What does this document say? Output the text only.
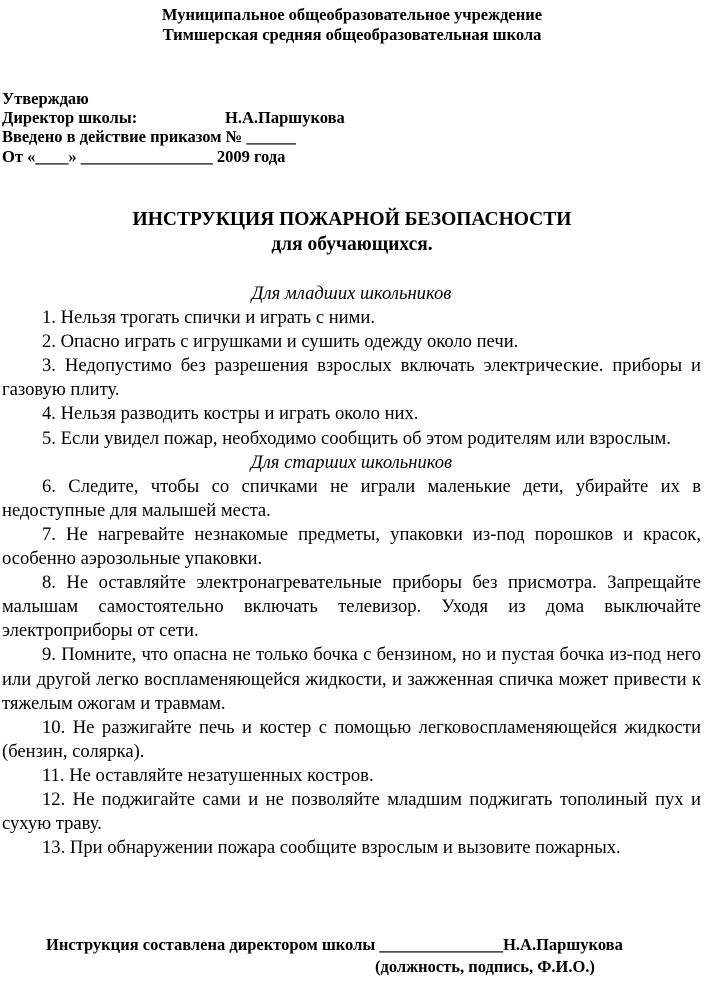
Муниципальное общеобразовательное учреждение
Тимшерская средняя общеобразовательная школа
Утверждаю
Директор школы:	Н.А.Паршукова
Введено в действие приказом № ______
От «____» ________________ 2009 года
ИНСТРУКЦИЯ ПОЖАРНОЙ БЕЗОПАСНОСТИ
для обучающихся.

Для младших школьников

1. Нельзя трогать спички и играть с ними.

2. Опасно играть с игрушками и сушить одежду около печи.

3. Недопустимо без разрешения взрослых включать электрические. приборы и газовую плиту.

4. Нельзя разводить костры и играть около них.

5. Если увидел пожар, необходимо сообщить об этом родителям или взрослым.

Для старших школьников

6. Следите, чтобы со спичками не играли маленькие дети, убирайте их в недоступные для малышей места.

7. Не нагревайте незнакомые предметы, упаковки из-под порошков и красок, особенно аэрозольные упаковки.

8. Не оставляйте электронагревательные приборы без присмотра. Запрещайте малышам самостоятельно включать телевизор. Уходя из дома выключайте электроприборы от сети.

9. Помните, что опасна не только бочка с бензином, но и пустая бочка из-под него или другой легко воспламеняющейся жидкости, и зажженная спичка может привести к тяжелым ожогам и травмам.

10. Не разжигайте печь и костер с помощью легковоспламеняющейся жидкости (бензин, солярка).

11. Не оставляйте незатушенных костров.

12. Не поджигайте сами и не позволяйте младшим поджигать тополиный пух и сухую траву.

13. При обнаружении пожара сообщите взрослым и вызовите пожарных.

Инструкция составлена директором школы _______________Н.А.Паршукова
(должность, подпись, Ф.И.О.)
